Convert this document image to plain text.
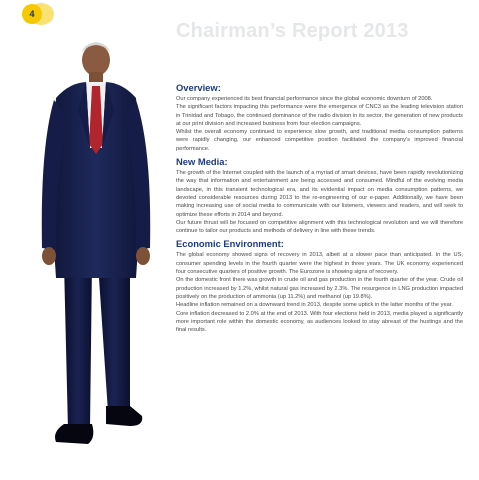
4
Chairman’s Report 2013
Overview:

Our company experienced its best financial performance since the global economic downturn of 2008.

The significant factors impacting this performance were the emergence of CNC3 as the leading television station in Trinidad and Tobago, the continued dominance of the radio division in its sector, the generation of new products at our print division and increased business from four election campaigns.

Whilst the overall economy continued to experience slow growth, and traditional media consumption patterns were rapidly changing, our enhanced competitive position facilitated the company’s improved financial performance.

New Media:

The growth of the Internet coupled with the launch of a myriad of smart devices, have been rapidly revolutionizing the way that information and entertainment are being accessed and consumed. Mindful of the evolving media landscape, in this transient technological era, and its evidential impact on media consumption patterns, we devoted considerable resources during 2013 to the re-engineering of our e-paper. Additionally, we have been making increasing use of social media to communicate with our listeners, viewers and readers, and will seek to optimize these efforts in 2014 and beyond.

Our future thrust will be focused on competitive alignment with this technological revolution and we will therefore continue to tailor our products and methods of delivery in line with these trends.

Economic Environment:

The global economy showed signs of recovery in 2013, albeit at a slower pace than anticipated. In the US, consumer spending levels in the fourth quarter were the highest in three years. The UK economy experienced four consecutive quarters of positive growth. The Eurozone is showing signs of recovery.

On the domestic front there was growth in crude oil and gas production in the fourth quarter of the year. Crude oil production increased by 1.2%, whilst natural gas increased by 2.3%. The resurgence in LNG production impacted positively on the production of ammonia (up 11.2%) and methanol (up 19.8%).

Headline inflation remained on a downward trend in 2013, despite some uptick in the latter months of the year.

Core inflation decreased to 2.0% at the end of 2013. With four elections held in 2013, media played a significantly more important role within the domestic economy, as audiences looked to stay abreast of the hustings and the final results.
